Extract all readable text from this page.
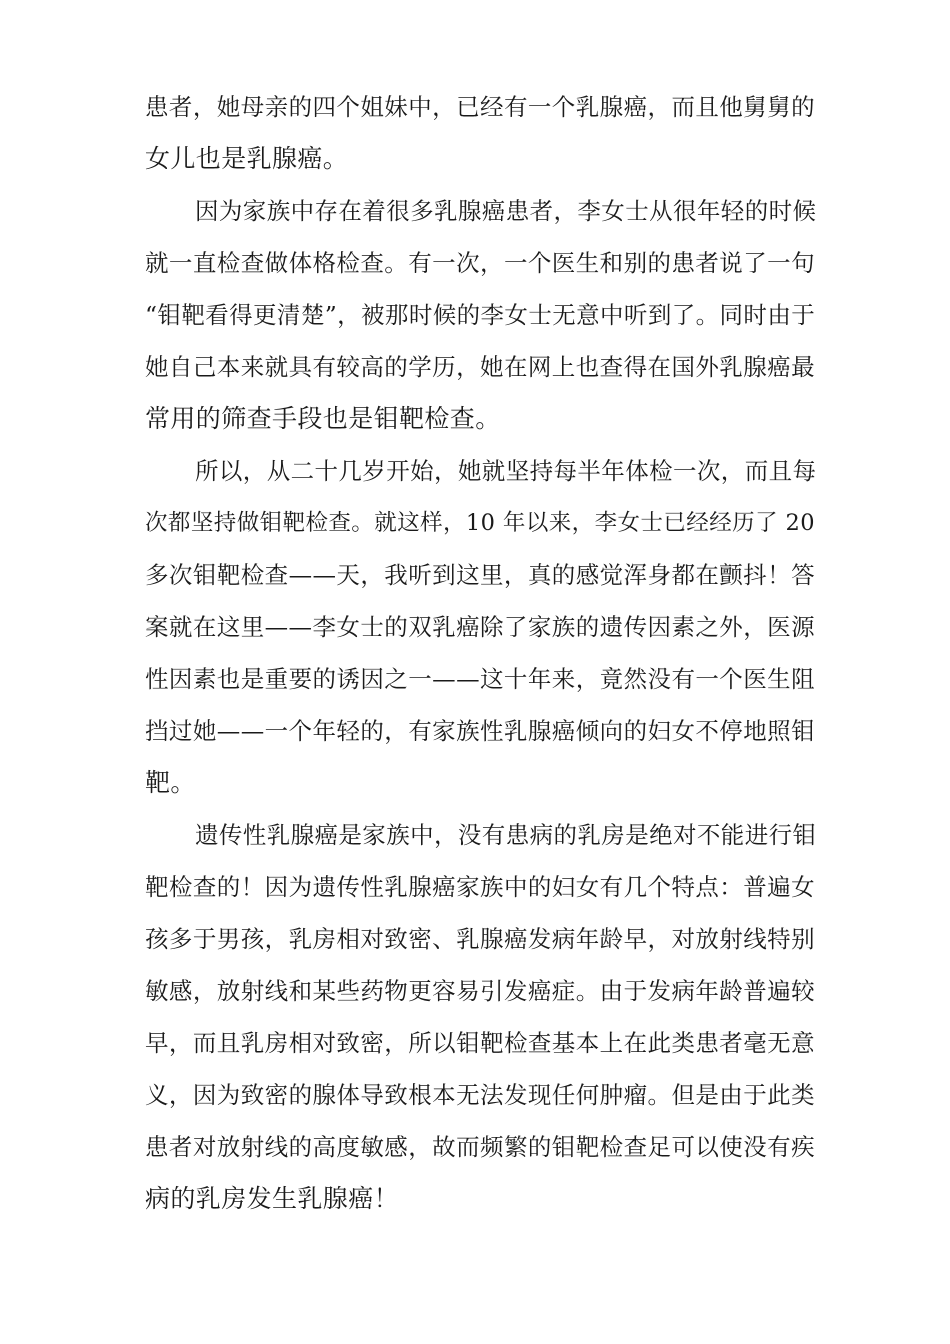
患者，她母亲的四个姐妹中，已经有一个乳腺癌，而且他舅舅的
女儿也是乳腺癌。
因为家族中存在着很多乳腺癌患者，李女士从很年轻的时候
就一直检查做体格检查。有一次，一个医生和别的患者说了一句
“钼靶看得更清楚”，被那时候的李女士无意中听到了。同时由于
她自己本来就具有较高的学历，她在网上也查得在国外乳腺癌最
常用的筛查手段也是钼靶检查。
所以，从二十几岁开始，她就坚持每半年体检一次，而且每
次都坚持做钼靶检查。就这样，10 年以来，李女士已经经历了 20
多次钼靶检查——天，我听到这里，真的感觉浑身都在颤抖！答
案就在这里——李女士的双乳癌除了家族的遗传因素之外，医源
性因素也是重要的诱因之一——这十年来，竟然没有一个医生阻
挡过她——一个年轻的，有家族性乳腺癌倾向的妇女不停地照钼
靶。
遗传性乳腺癌是家族中，没有患病的乳房是绝对不能进行钼
靶检查的！因为遗传性乳腺癌家族中的妇女有几个特点：普遍女
孩多于男孩，乳房相对致密、乳腺癌发病年龄早，对放射线特别
敏感，放射线和某些药物更容易引发癌症。由于发病年龄普遍较
早，而且乳房相对致密，所以钼靶检查基本上在此类患者毫无意
义，因为致密的腺体导致根本无法发现任何肿瘤。但是由于此类
患者对放射线的高度敏感，故而频繁的钼靶检查足可以使没有疾
病的乳房发生乳腺癌！
